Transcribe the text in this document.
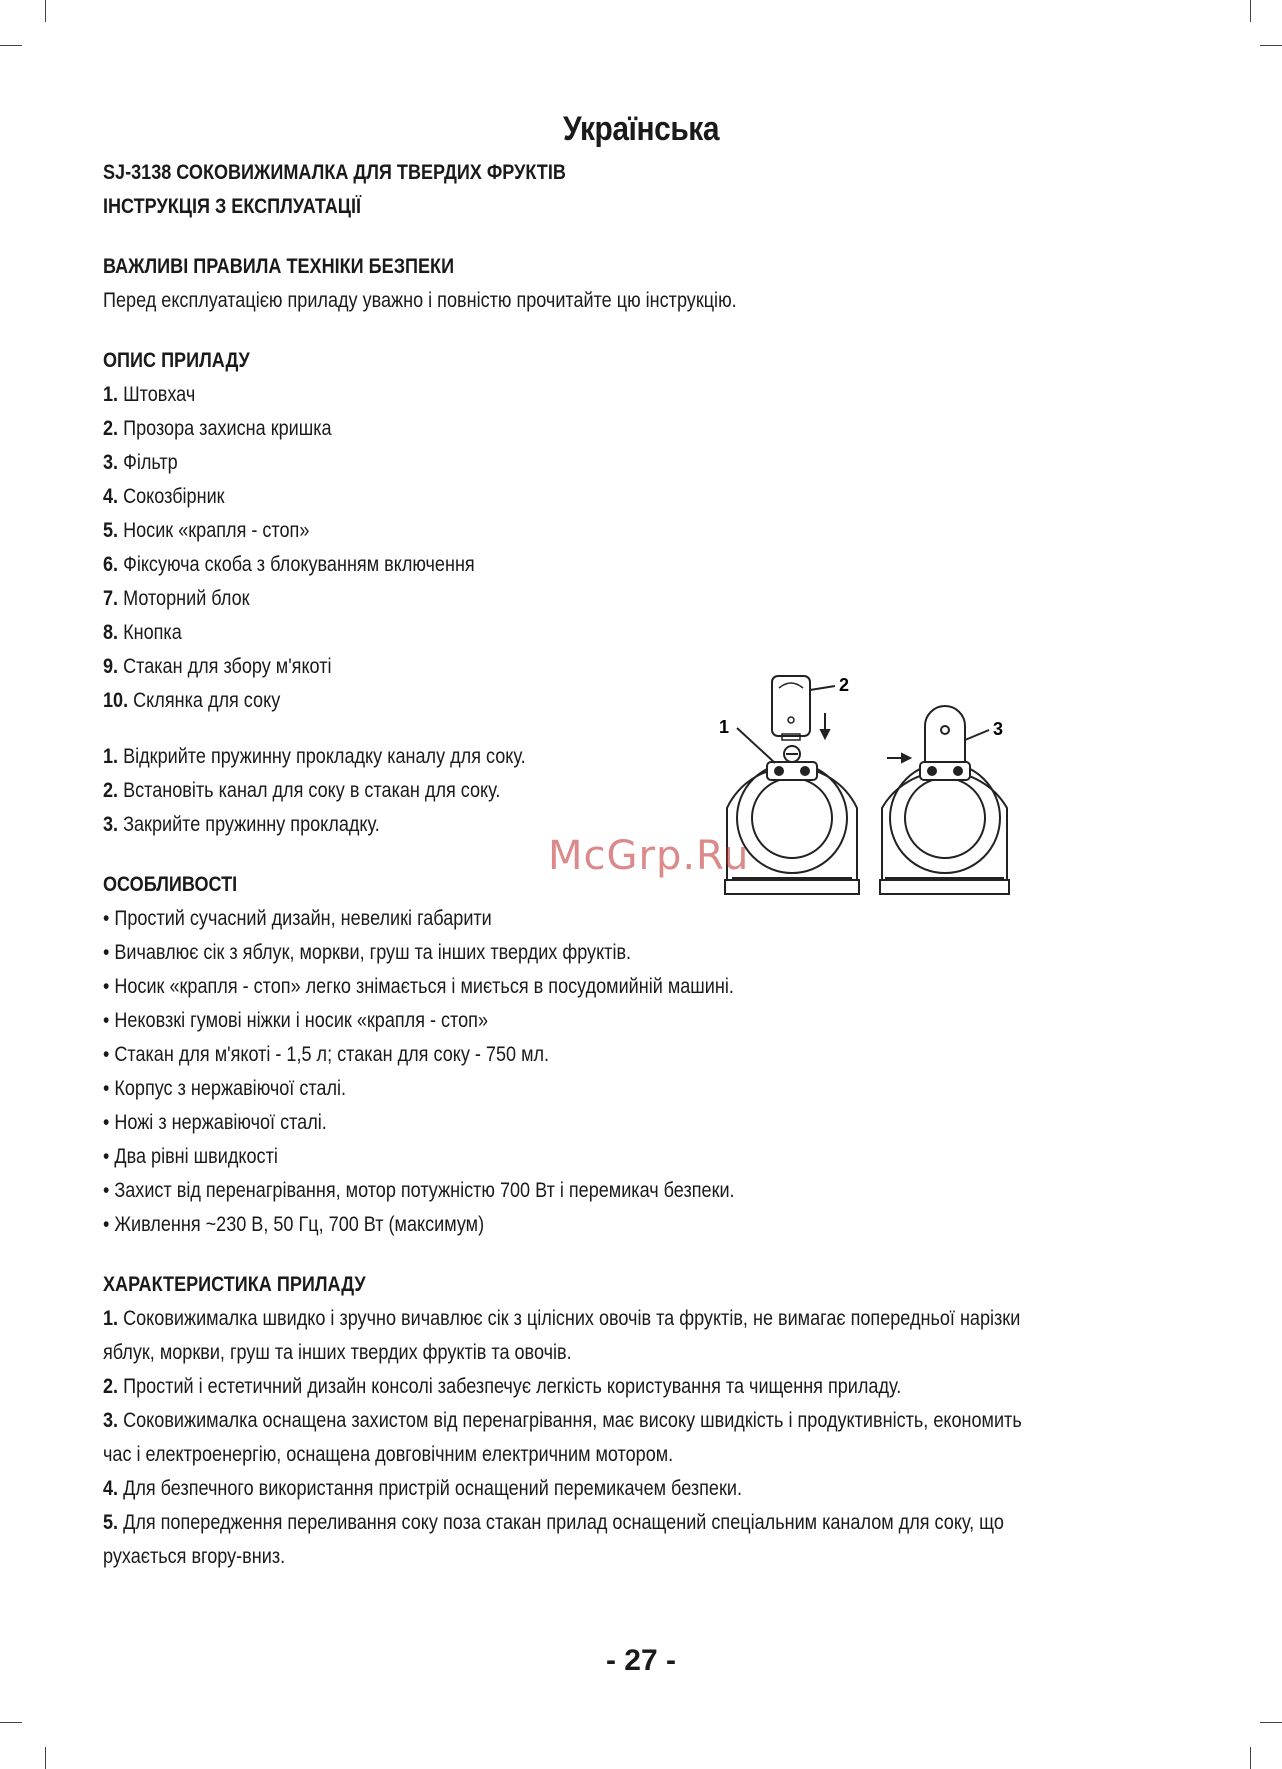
Українська
SJ-3138 СОКОВИЖИМАЛКА ДЛЯ ТВЕРДИХ ФРУКТІВ
ІНСТРУКЦІЯ З ЕКСПЛУАТАЦІЇ
ВАЖЛИВІ ПРАВИЛА ТЕХНІКИ БЕЗПЕКИ
Перед експлуатацією приладу уважно і повністю прочитайте цю інструкцію.
ОПИС ПРИЛАДУ
1. Штовхач
2. Прозора захисна кришка
3. Фільтр
4. Сокозбірник
5. Носик «крапля - стоп»
6. Фіксуюча скоба з блокуванням включення
7. Моторний блок
8. Кнопка
9. Стакан для збору м'якоті
10. Склянка для соку
1. Відкрийте пружинну прокладку каналу для соку.
2. Встановіть канал для соку в стакан для соку.
3. Закрийте пружинну прокладку.
ОСОБЛИВОСТІ
• Простий сучасний дизайн, невеликі габарити
• Вичавлює сік з яблук, моркви, груш та інших твердих фруктів.
• Носик «крапля - стоп» легко знімається і миється в посудомийній машині.
• Нековзкі гумові ніжки і носик «крапля - стоп»
• Стакан для м'якоті - 1,5 л; стакан для соку - 750 мл.
• Корпус з нержавіючої сталі.
• Ножі з нержавіючої сталі.
• Два рівні швидкості
• Захист від перенагрівання, мотор потужністю 700 Вт і перемикач безпеки.
• Живлення ~230 В, 50 Гц, 700 Вт (максимум)
ХАРАКТЕРИСТИКА ПРИЛАДУ
1. Соковижималка швидко і зручно вичавлює сік з цілісних овочів та фруктів, не вимагає попередньої нарізки
яблук, моркви, груш та інших твердих фруктів та овочів.
2. Простий і естетичний дизайн консолі забезпечує легкість користування та чищення приладу.
3. Соковижималка оснащена захистом від перенагрівання, має високу швидкість і продуктивність, економить
час і електроенергію, оснащена довговічним електричним мотором.
4. Для безпечного використання пристрій оснащений перемикачем безпеки.
5. Для попередження переливання соку поза стакан прилад оснащений спеціальним каналом для соку, що
рухається вгору-вниз.
2
1	3
McGrp.Ru
- 27 -
